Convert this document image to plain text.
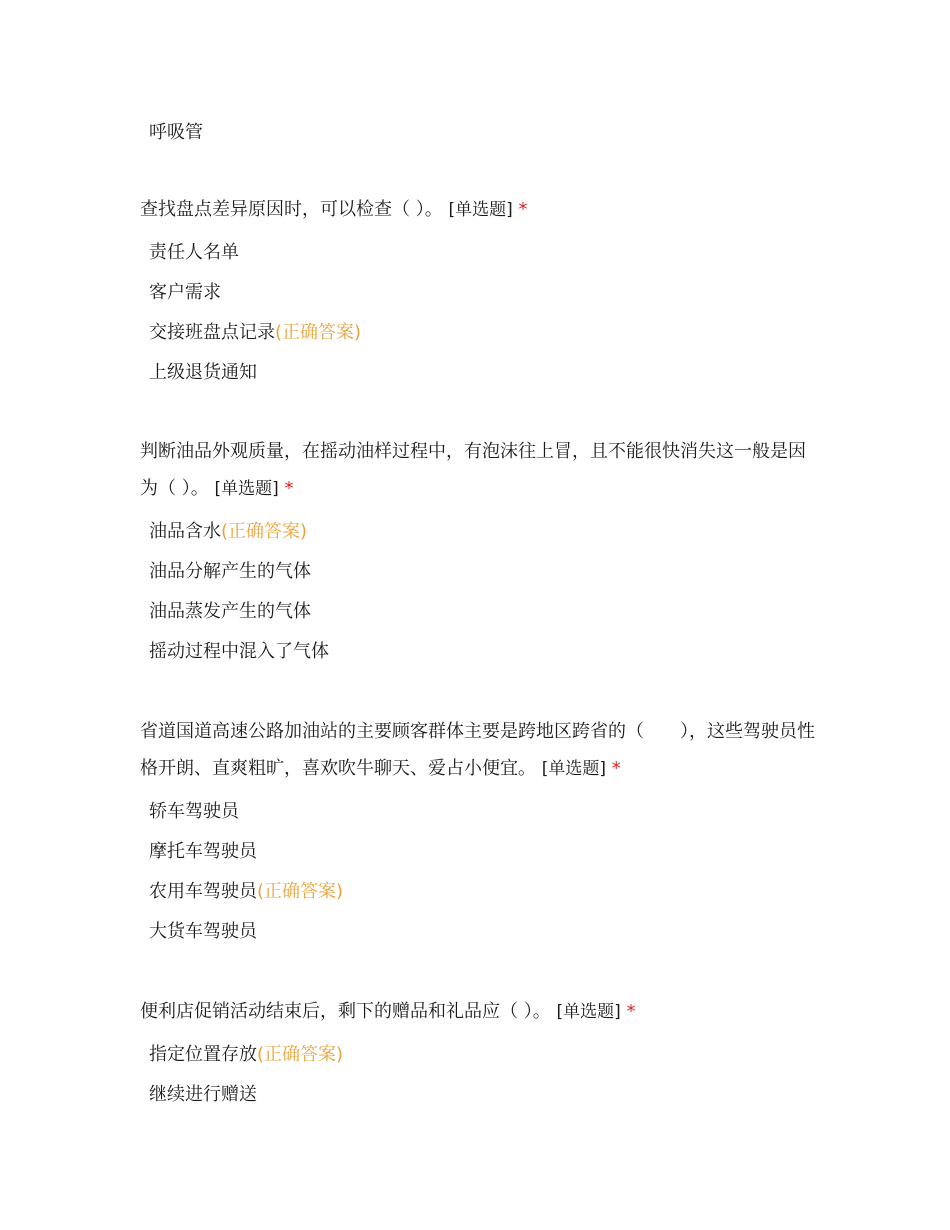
呼吸管

查找盘点差异原因时，可以检查（ ）。 [单选题] *

责任人名单
客户需求
交接班盘点记录(正确答案)
上级退货通知

判断油品外观质量，在摇动油样过程中，有泡沫往上冒，且不能很快消失这一般是因为（ ）。 [单选题] *

油品含水(正确答案)
油品分解产生的气体
油品蒸发产生的气体
摇动过程中混入了气体

省道国道高速公路加油站的主要顾客群体主要是跨地区跨省的（　　），这些驾驶员性格开朗、直爽粗旷，喜欢吹牛聊天、爱占小便宜。 [单选题] *

轿车驾驶员
摩托车驾驶员
农用车驾驶员(正确答案)
大货车驾驶员

便利店促销活动结束后，剩下的赠品和礼品应（ ）。 [单选题] *

指定位置存放(正确答案)
继续进行赠送
